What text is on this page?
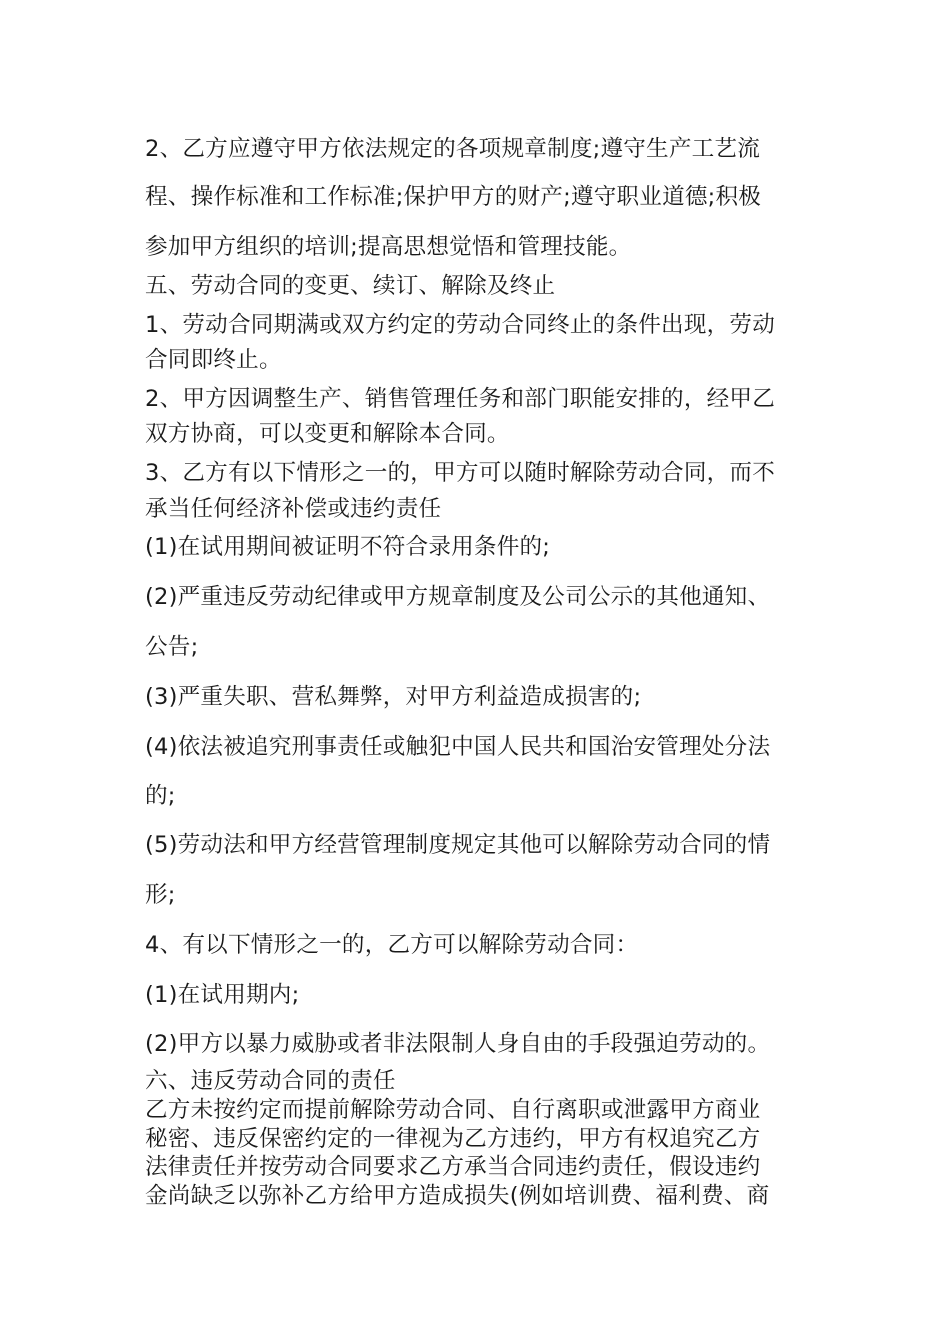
2、乙方应遵守甲方依法规定的各项规章制度;遵守生产工艺流

程、操作标准和工作标准;保护甲方的财产;遵守职业道德;积极

参加甲方组织的培训;提高思想觉悟和管理技能。

五、劳动合同的变更、续订、解除及终止

1、劳动合同期满或双方约定的劳动合同终止的条件出现，劳动

合同即终止。

2、甲方因调整生产、销售管理任务和部门职能安排的，经甲乙

双方协商，可以变更和解除本合同。

3、乙方有以下情形之一的，甲方可以随时解除劳动合同，而不

承当任何经济补偿或违约责任

(1)在试用期间被证明不符合录用条件的;

(2)严重违反劳动纪律或甲方规章制度及公司公示的其他通知、

公告;

(3)严重失职、营私舞弊，对甲方利益造成损害的;

(4)依法被追究刑事责任或触犯中国人民共和国治安管理处分法

的;

(5)劳动法和甲方经营管理制度规定其他可以解除劳动合同的情

形;

4、有以下情形之一的，乙方可以解除劳动合同：

(1)在试用期内;

(2)甲方以暴力威胁或者非法限制人身自由的手段强迫劳动的。

六、违反劳动合同的责任

乙方未按约定而提前解除劳动合同、自行离职或泄露甲方商业

秘密、违反保密约定的一律视为乙方违约，甲方有权追究乙方

法律责任并按劳动合同要求乙方承当合同违约责任，假设违约

金尚缺乏以弥补乙方给甲方造成损失(例如培训费、福利费、商
